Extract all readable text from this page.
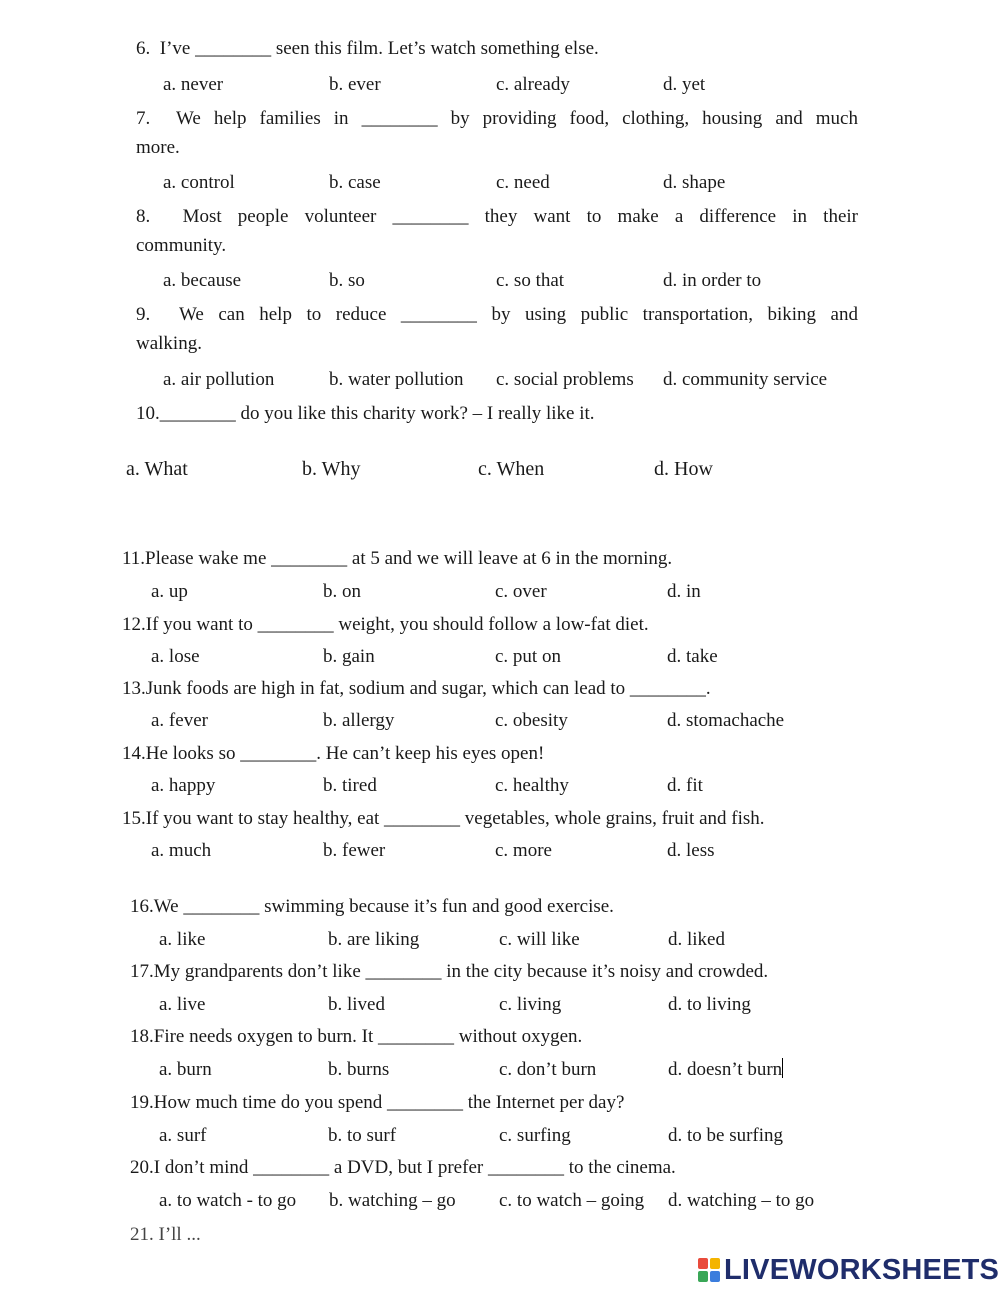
6. I’ve ________ seen this film. Let’s watch something else.
a. never	b. ever	c. already	d. yet
7. We help families in ________ by providing food, clothing, housing and much
more.
a. control	b. case	c. need	d. shape
8. Most people volunteer ________ they want to make a difference in their
community.
a. because	b. so	c. so that	d. in order to
9. We can help to reduce ________ by using public transportation, biking and
walking.
a. air pollution	b. water pollution c. social problems d. community service
10.________ do you like this charity work? – I really like it.
a. What	b. Why	c. When	d. How
11.Please wake me ________ at 5 and we will leave at 6 in the morning.
a. up	b. on	c. over	d. in
12.If you want to ________ weight, you should follow a low-fat diet.
a. lose	b. gain	c. put on	d. take
13.Junk foods are high in fat, sodium and sugar, which can lead to ________.
a. fever	b. allergy	c. obesity	d. stomachache
14.He looks so ________. He can’t keep his eyes open!
a. happy	b. tired	c. healthy	d. fit
15.If you want to stay healthy, eat ________ vegetables, whole grains, fruit and fish.
a. much	b. fewer	c. more	d. less
16.We ________ swimming because it’s fun and good exercise.
a. like	b. are liking	c. will like	d. liked
17.My grandparents don’t like ________ in the city because it’s noisy and crowded.
a. live	b. lived	c. living	d. to living
18.Fire needs oxygen to burn. It ________ without oxygen.
a. burn	b. burns	c. don’t burn	d. doesn’t burn
19.How much time do you spend ________ the Internet per day?
a. surf	b. to surf	c. surfing	d. to be surfing
20.I don’t mind ________ a DVD, but I prefer ________ to the cinema.
a. to watch - to go b. watching – go c. to watch – going d. watching – to go
21. I’ll ...
LIVEWORKSHEETS
